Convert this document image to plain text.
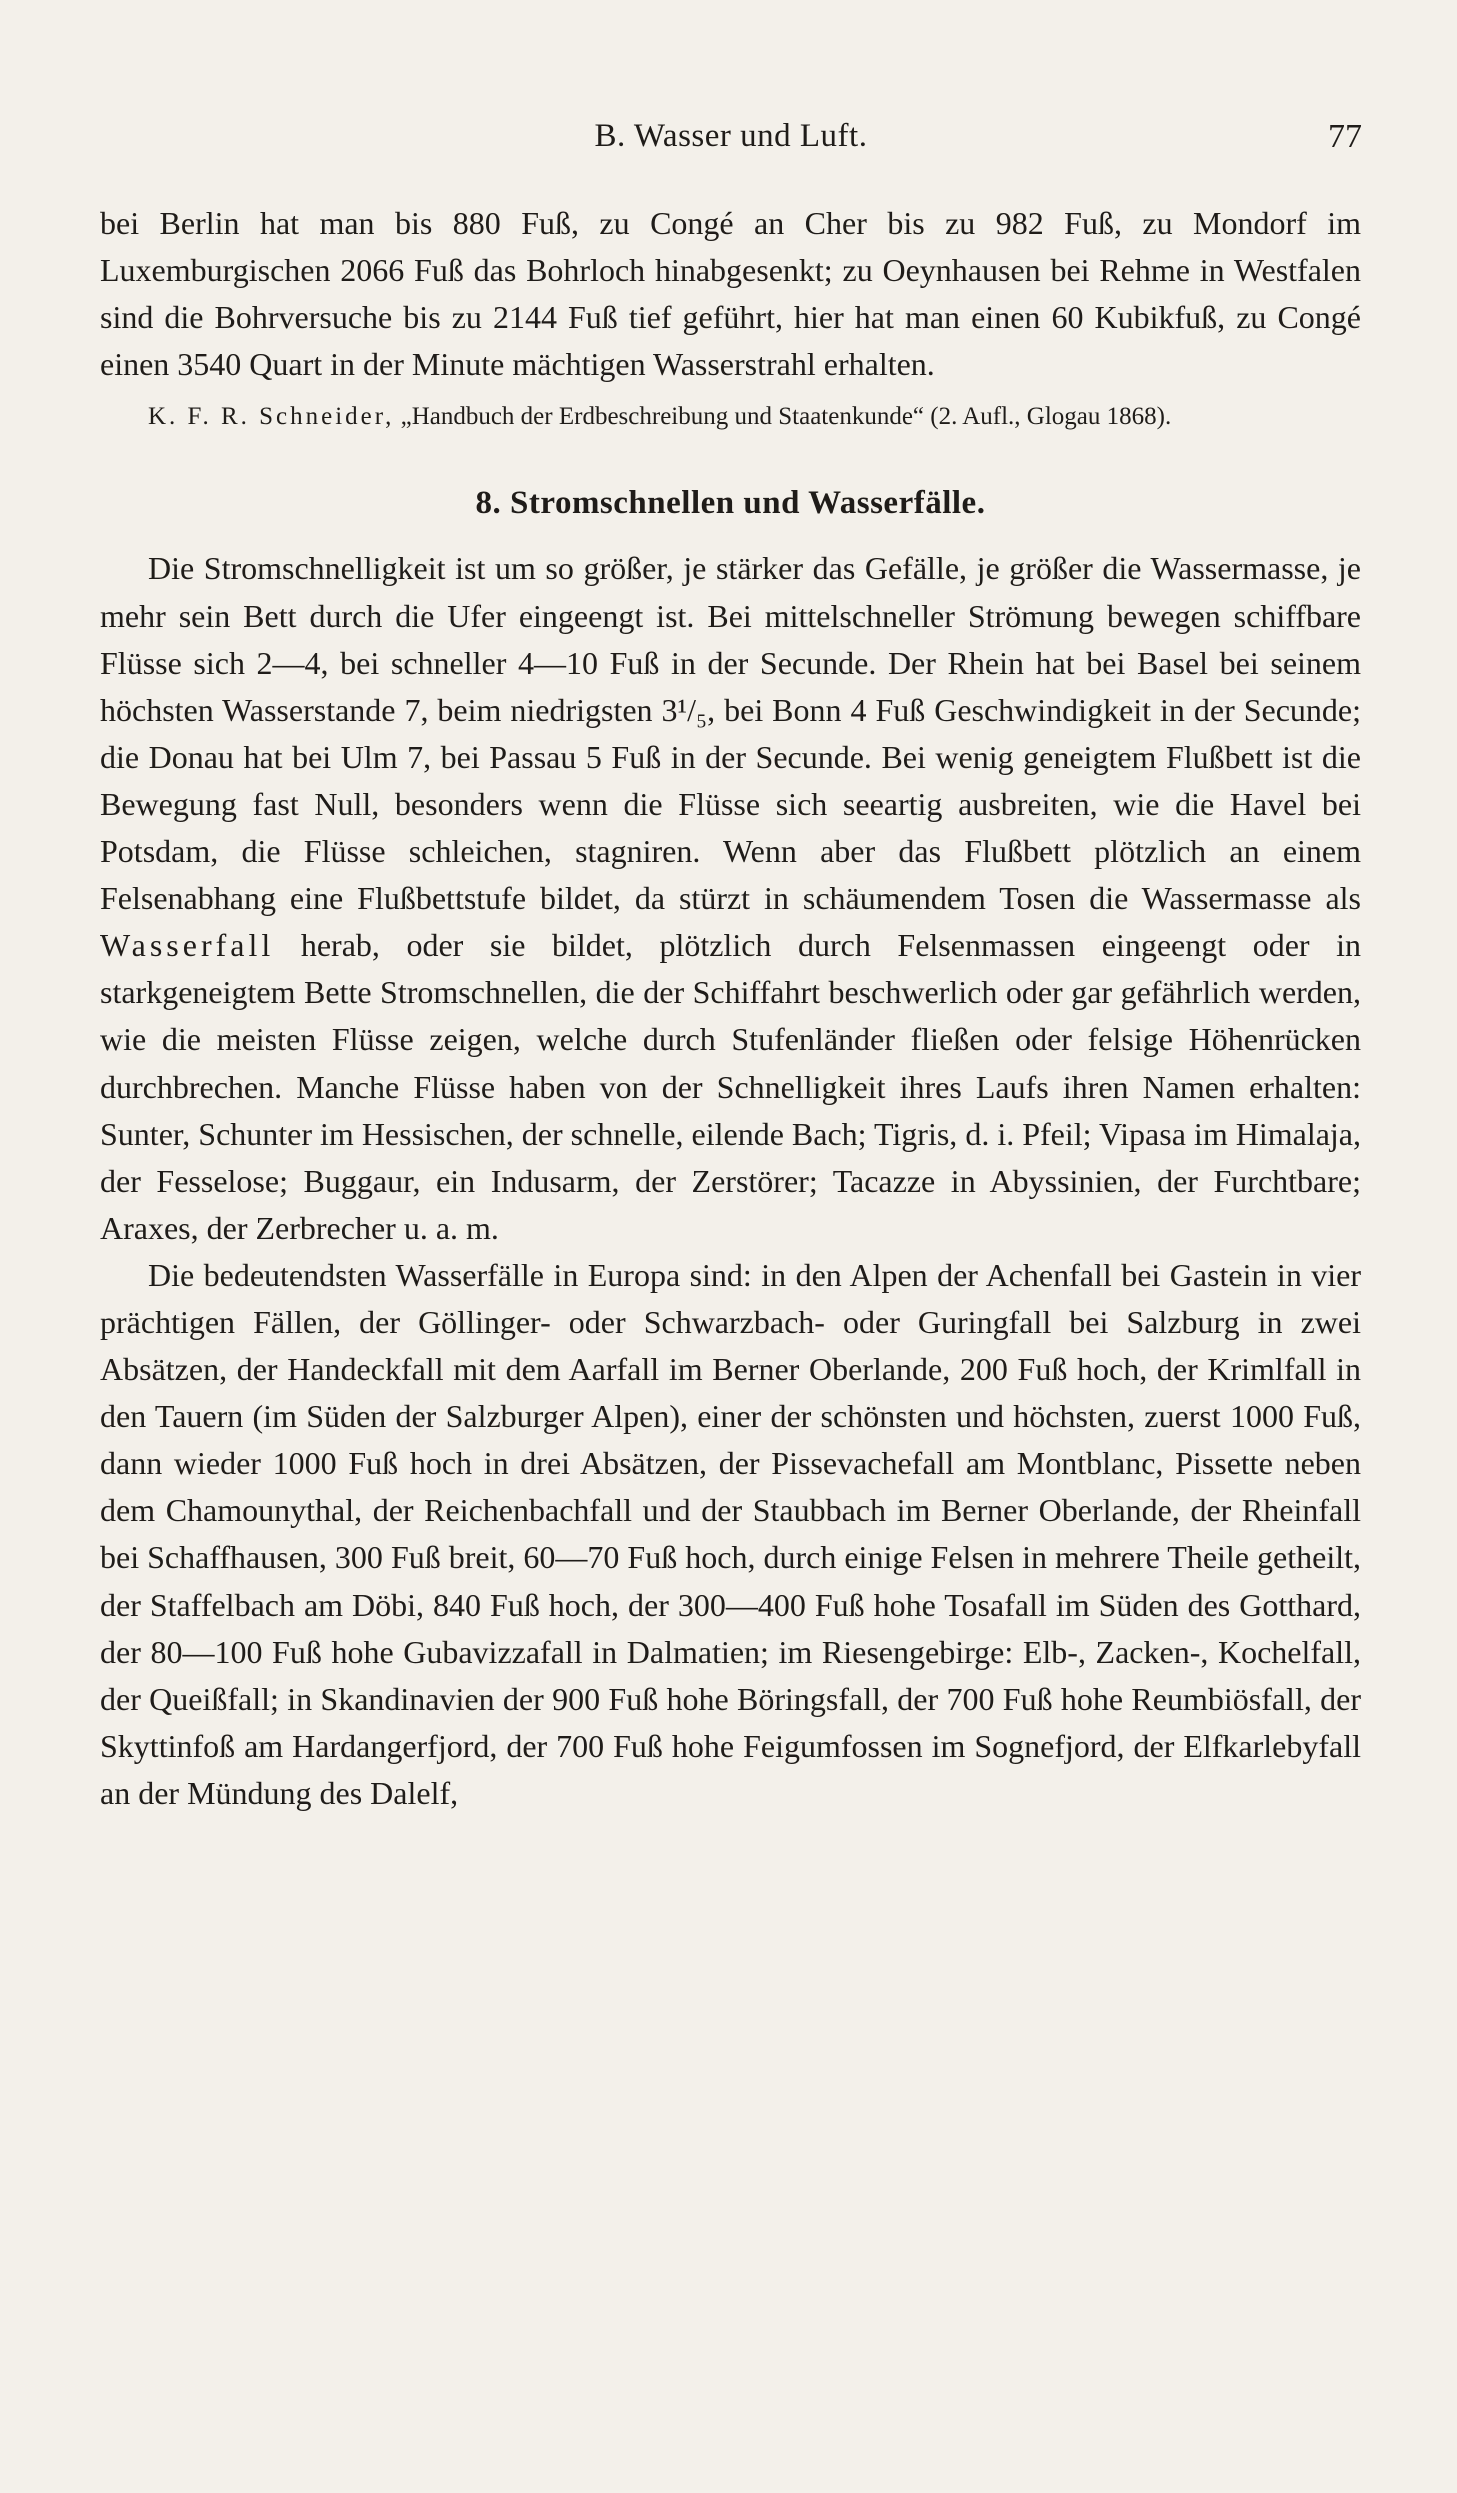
B. Wasser und Luft.	77

bei Berlin hat man bis 880 Fuß, zu Congé an Cher bis zu 982 Fuß, zu Mondorf im Luxemburgischen 2066 Fuß das Bohrloch hinabgesenkt; zu Oeynhausen bei Rehme in Westfalen sind die Bohrversuche bis zu 2144 Fuß tief geführt, hier hat man einen 60 Kubikfuß, zu Congé einen 3540 Quart in der Minute mächtigen Wasserstrahl erhalten.

K. F. R. Schneider, „Handbuch der Erdbeschreibung und Staatenkunde“ (2. Aufl., Glogau 1868).

8. Stromschnellen und Wasserfälle.

Die Stromschnelligkeit ist um so größer, je stärker das Gefälle, je größer die Wassermasse, je mehr sein Bett durch die Ufer eingeengt ist. Bei mittelschneller Strömung bewegen schiffbare Flüsse sich 2—4, bei schneller 4—10 Fuß in der Secunde. Der Rhein hat bei Basel bei seinem höchsten Wasserstande 7, beim niedrigsten 3¹/₅, bei Bonn 4 Fuß Geschwindigkeit in der Secunde; die Donau hat bei Ulm 7, bei Passau 5 Fuß in der Secunde. Bei wenig geneigtem Flußbett ist die Bewegung fast Null, besonders wenn die Flüsse sich seeartig ausbreiten, wie die Havel bei Potsdam, die Flüsse schleichen, stagniren. Wenn aber das Flußbett plötzlich an einem Felsenabhang eine Flußbettstufe bildet, da stürzt in schäumendem Tosen die Wassermasse als Wasserfall herab, oder sie bildet, plötzlich durch Felsenmassen eingeengt oder in starkgeneigtem Bette Stromschnellen, die der Schiffahrt beschwerlich oder gar gefährlich werden, wie die meisten Flüsse zeigen, welche durch Stufenländer fließen oder felsige Höhenrücken durchbrechen. Manche Flüsse haben von der Schnelligkeit ihres Laufs ihren Namen erhalten: Sunter, Schunter im Hessischen, der schnelle, eilende Bach; Tigris, d. i. Pfeil; Vipasa im Himalaja, der Fesselose; Buggaur, ein Indusarm, der Zerstörer; Tacazze in Abyssinien, der Furchtbare; Araxes, der Zerbrecher u. a. m.

Die bedeutendsten Wasserfälle in Europa sind: in den Alpen der Achenfall bei Gastein in vier prächtigen Fällen, der Göllinger- oder Schwarzbach- oder Guringfall bei Salzburg in zwei Absätzen, der Handeckfall mit dem Aarfall im Berner Oberlande, 200 Fuß hoch, der Krimlfall in den Tauern (im Süden der Salzburger Alpen), einer der schönsten und höchsten, zuerst 1000 Fuß, dann wieder 1000 Fuß hoch in drei Absätzen, der Pissevachefall am Montblanc, Pissette neben dem Chamounythal, der Reichenbachfall und der Staubbach im Berner Oberlande, der Rheinfall bei Schaffhausen, 300 Fuß breit, 60—70 Fuß hoch, durch einige Felsen in mehrere Theile getheilt, der Staffelbach am Döbi, 840 Fuß hoch, der 300—400 Fuß hohe Tosafall im Süden des Gotthard, der 80—100 Fuß hohe Gubavizzafall in Dalmatien; im Riesengebirge: Elb-, Zacken-, Kochelfall, der Queißfall; in Skandinavien der 900 Fuß hohe Böringsfall, der 700 Fuß hohe Reumbiösfall, der Skyttinfoß am Hardangerfjord, der 700 Fuß hohe Feigumfossen im Sognefjord, der Elfkarlebyfall an der Mündung des Dalelf,
